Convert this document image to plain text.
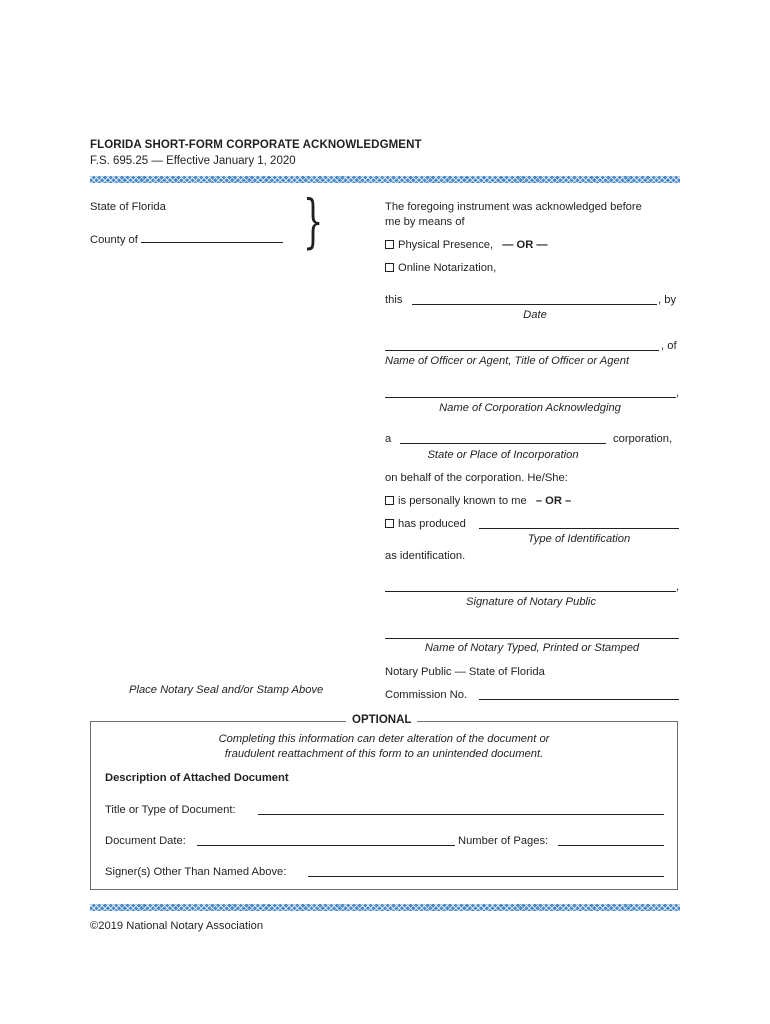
FLORIDA SHORT-FORM CORPORATE ACKNOWLEDGMENT
F.S. 695.25 — Effective January 1, 2020
State of Florida
County of	}	The foregoing instrument was acknowledged before
me by means of
Physical Presence, — OR —
Online Notarization,
this	, by
Date
, of
Name of Officer or Agent, Title of Officer or Agent
,
Name of Corporation Acknowledging
a	corporation,
State or Place of Incorporation
on behalf of the corporation. He/She:
is personally known to me – OR –
has produced
Type of Identification
as identification.
,
Signature of Notary Public
Name of Notary Typed, Printed or Stamped
Notary Public — State of Florida
Commission No.
Place Notary Seal and/or Stamp Above
OPTIONAL
Completing this information can deter alteration of the document or
fraudulent reattachment of this form to an unintended document.
Description of Attached Document
Title or Type of Document:
Document Date:	Number of Pages:
Signer(s) Other Than Named Above:
©2019 National Notary Association
